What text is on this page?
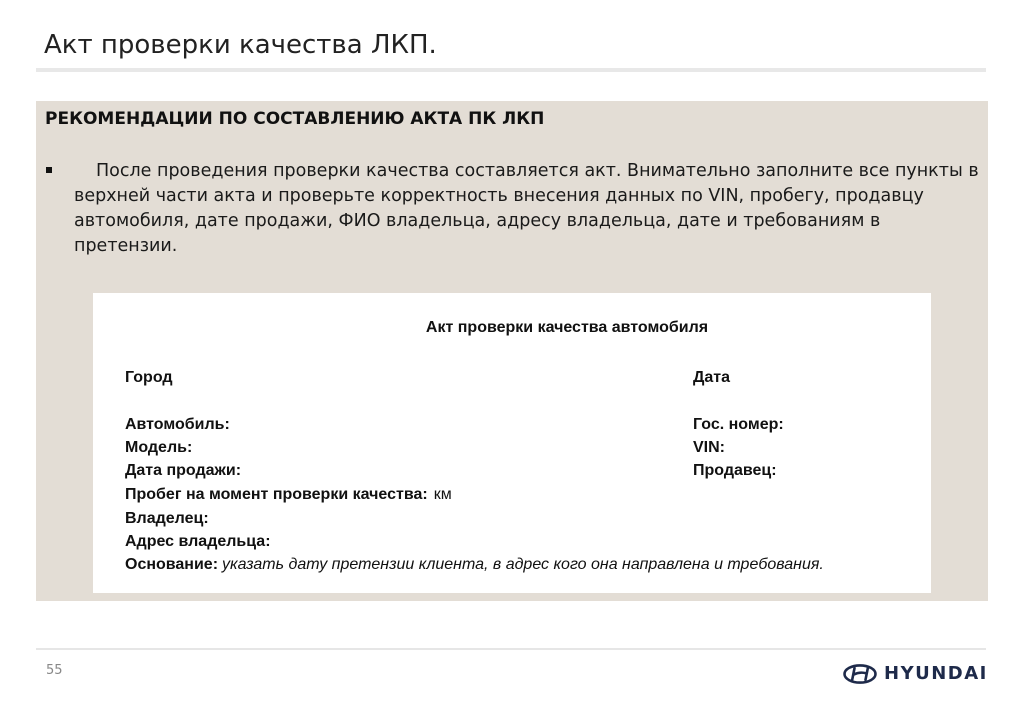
Акт проверки качества ЛКП.
РЕКОМЕНДАЦИИ ПО СОСТАВЛЕНИЮ АКТА ПК ЛКП

После проведения проверки качества составляется акт. Внимательно заполните все пункты в верхней части акта и проверьте корректность внесения данных по VIN, пробегу, продавцу автомобиля, дате продажи, ФИО владельца, адресу владельца, дате и требованиям в претензии.

Акт проверки качества автомобиля
Город	Дата
Автомобиль:	Гос. номер:
Модель:	VIN:
Дата продажи:	Продавец:
Пробег на момент проверки качества: км
Владелец:
Адрес владельца:
Основание: указать дату претензии клиента, в адрес кого она направлена и требования.
55	HYUNDAI
